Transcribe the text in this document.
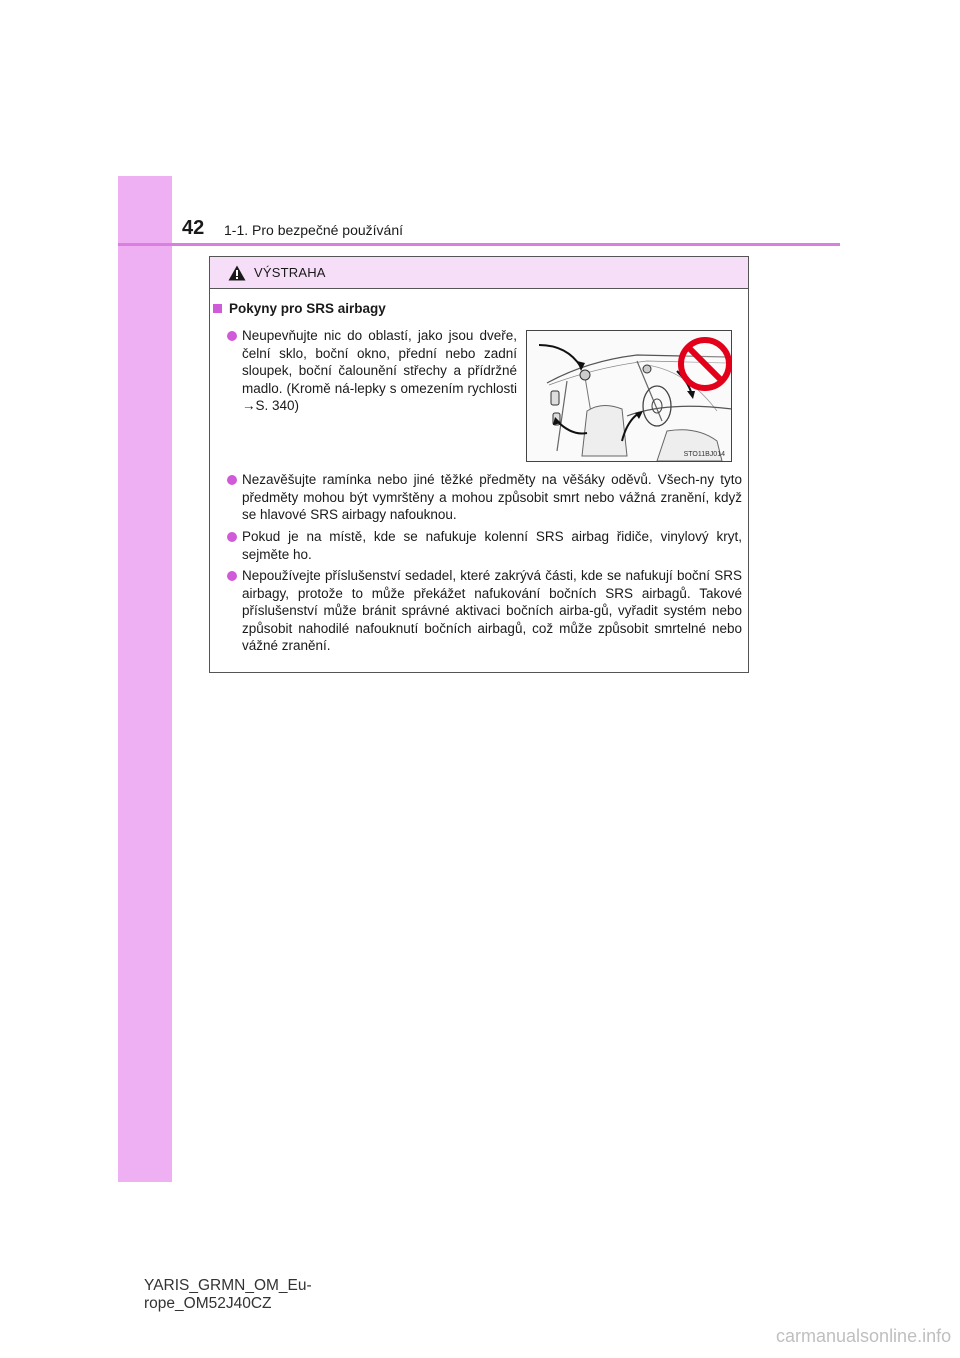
42 1-1. Pro bezpečné používání
VÝSTRAHA
Pokyny pro SRS airbagy
Neupevňujte nic do oblastí, jako jsou dveře, čelní sklo, boční okno, přední nebo zadní sloupek, boční čalounění střechy a přídržné madlo. (Kromě ná-lepky s omezením rychlosti →S. 340)
STO11BJ014
Nezavěšujte ramínka nebo jiné těžké předměty na věšáky oděvů. Všech-ny tyto předměty mohou být vymrštěny a mohou způsobit smrt nebo vážná zranění, když se hlavové SRS airbagy nafouknou.
Pokud je na místě, kde se nafukuje kolenní SRS airbag řidiče, vinylový kryt, sejměte ho.
Nepoužívejte příslušenství sedadel, které zakrývá části, kde se nafukují boční SRS airbagy, protože to může překážet nafukování bočních SRS airbagů. Takové příslušenství může bránit správné aktivaci bočních airba-gů, vyřadit systém nebo způsobit nahodilé nafouknutí bočních airbagů, což může způsobit smrtelné nebo vážné zranění.
YARIS_GRMN_OM_Eu-
rope_OM52J40CZ
carmanualsonline.info
